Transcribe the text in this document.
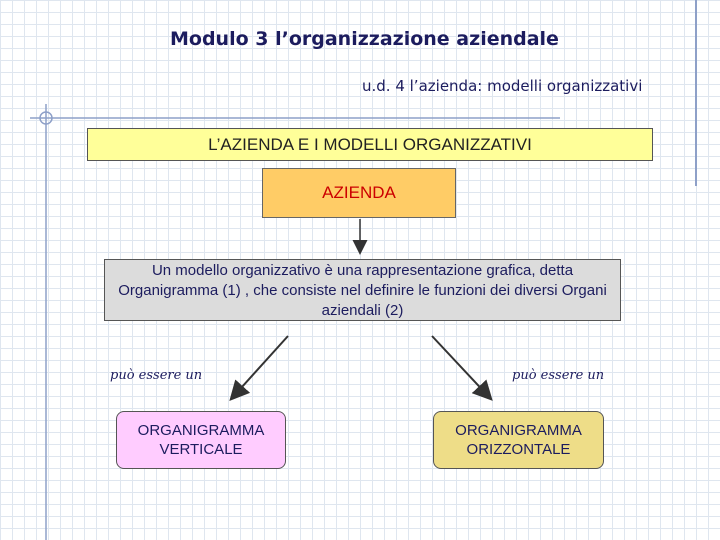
Modulo 3 l’organizzazione aziendale
u.d. 4 l’azienda: modelli organizzativi
L’AZIENDA E I MODELLI ORGANIZZATIVI
AZIENDA
Un modello organizzativo è una rappresentazione grafica, detta Organigramma (1) , che consiste nel definire le funzioni dei diversi Organi aziendali (2)
può essere un	può essere un
ORGANIGRAMMA
VERTICALE
ORGANIGRAMMA
ORIZZONTALE
